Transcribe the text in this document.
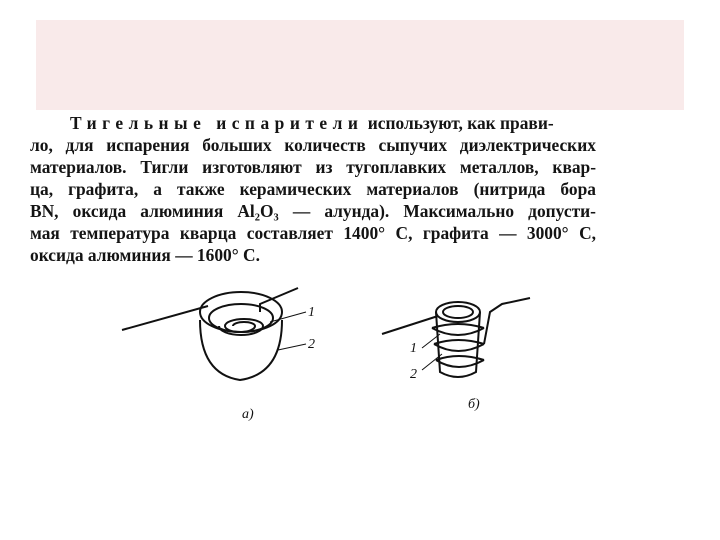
Тигельные испарители используют, как прави-
ло, для испарения больших количеств сыпучих диэлектрических
материалов. Тигли изготовляют из тугоплавких металлов, квар-
ца, графита, а также керамических материалов (нитрида бора
BN, оксида алюминия Al₂O₃ — алунда). Максимально допусти-
мая температура кварца составляет 1400° С, графита — 3000° С,
оксида алюминия — 1600° С.
1
2
а)
1
2
б)
